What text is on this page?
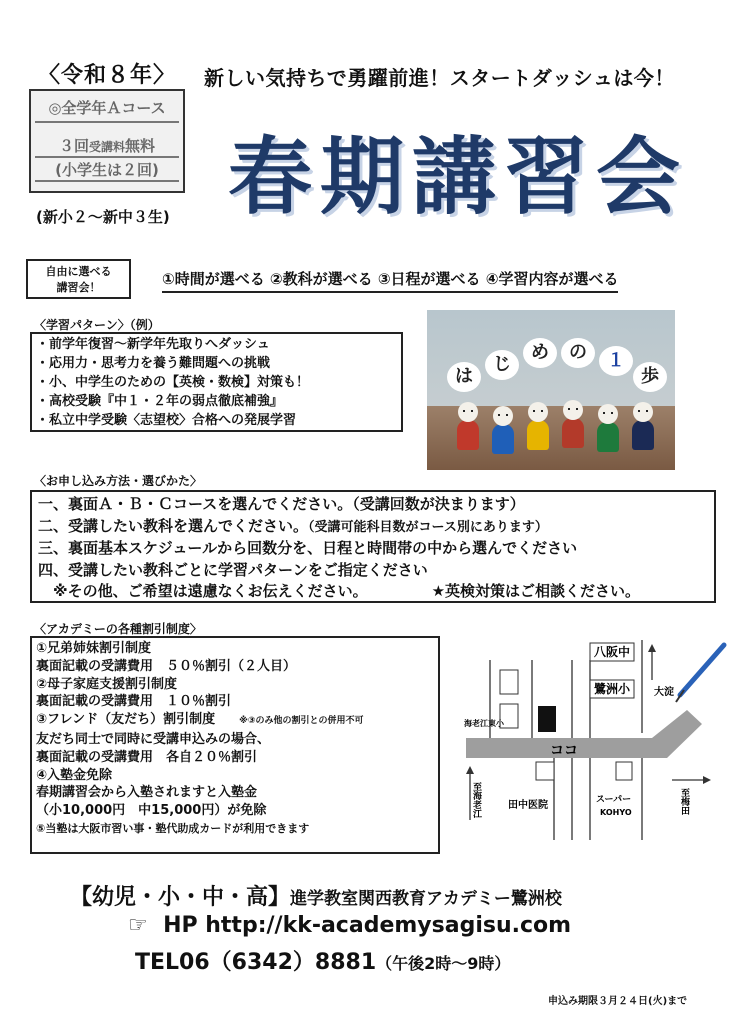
〈令和８年〉 新しい気持ちで勇躍前進！スタートダッシュは今！
◎全学年Ａコース
３回受講料無料
(小学生は２回)
(新小２～新中３生) 春期講習会
自由に選べる
講習会！	①時間が選べる ②教科が選べる ③日程が選べる ④学習内容が選べる
〈学習パターン〉（例）
・前学年復習～新学年先取りへダッシュ
・応用力・思考力を養う難問題への挑戦
・小、中学生のための【英検・数検】対策も！
・高校受験『中１・２年の弱点徹底補強』
・私立中学受験〈志望校〉合格への発展学習
は
じ
め	の	１
歩
〈お申し込み方法・選びかた〉
一、裏面Ａ・Ｂ・Ｃコースを選んでください。（受講回数が決まります）
二、受講したい教科を選んでください。（受講可能科目数がコース別にあります）
三、裏面基本スケジュールから回数分を、日程と時間帯の中から選んでください
四、受講したい教科ごとに学習パターンをご指定ください
　※その他、ご希望は遠慮なくお伝えください。	★英検対策はご相談ください。
〈アカデミーの各種割引制度〉
①兄弟姉妹割引制度
裏面記載の受講費用　５０％割引（２人目）
②母子家庭支援割引制度
裏面記載の受講費用　１０％割引
③フレンド（友だち）割引制度	※③のみ他の割引との併用不可
友だち同士で同時に受講申込みの場合、
裏面記載の受講費用　各自２０％割引
④入塾金免除
春期講習会から入塾されますと入塾金
（小10,000円　中15,000円）が免除
⑤当塾は大阪市習い事・塾代助成カードが利用できます
八阪中
鷺洲小
海老江東小
ココ
大淀
田中医院	スーパー
KOHYO
至海老江	至梅田
【幼児・小・中・高】進学教室関西教育アカデミー鷺洲校
☞ HP http://kk-academysagisu.com
TEL06（6342）8881（午後2時～9時）
申込み期限３月２４日(火)まで
